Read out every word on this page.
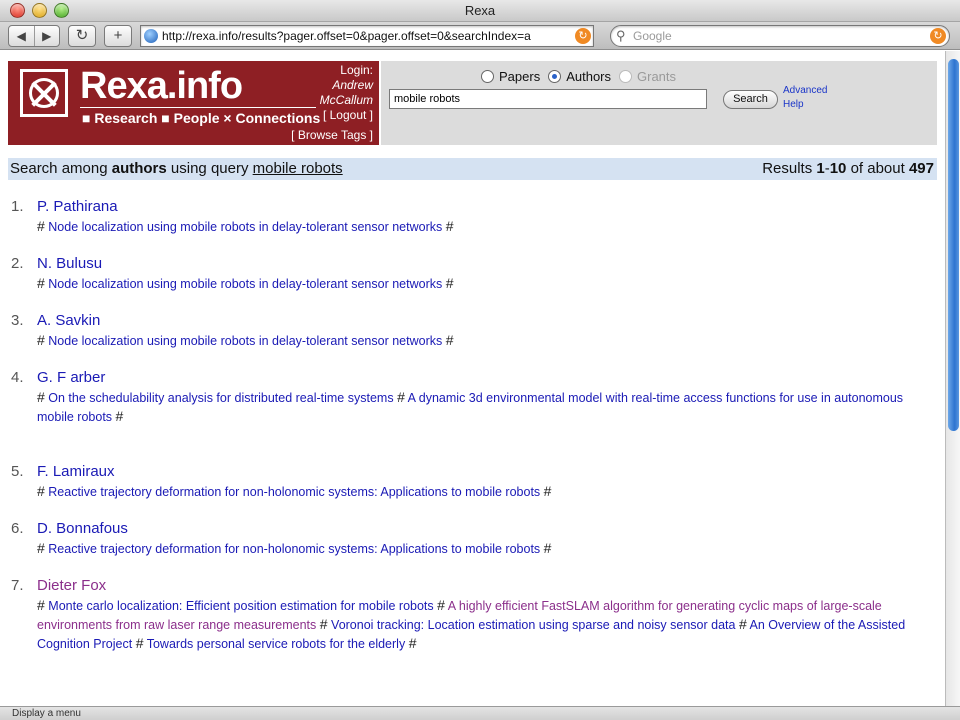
Rexa
◀	▶	↻	+	http://rexa.info/results?pager.offset=0&pager.offset=0&searchIndex=a	↻ ⚲ Google	↻
Rexa.info
■ Research ■ People × Connections
Login:
Andrew
McCallum
[ Logout ]
[ Browse Tags ]
Papers Authors Grants
mobile robots	Search
Advanced
Help
Search among authors using query mobile robots	Results 1-10 of about 497
1. P. Pathirana
# Node localization using mobile robots in delay-tolerant sensor networks #
2. N. Bulusu
# Node localization using mobile robots in delay-tolerant sensor networks #
3. A. Savkin
# Node localization using mobile robots in delay-tolerant sensor networks #
4. G. F arber
# On the schedulability analysis for distributed real-time systems # A dynamic 3d environmental model with real-time access functions for use in autonomous mobile robots #
5. F. Lamiraux
# Reactive trajectory deformation for non-holonomic systems: Applications to mobile robots #
6. D. Bonnafous
# Reactive trajectory deformation for non-holonomic systems: Applications to mobile robots #
7. Dieter Fox
# Monte carlo localization: Efficient position estimation for mobile robots # A highly efficient FastSLAM algorithm for generating cyclic maps of large-scale environments from raw laser range measurements # Voronoi tracking: Location estimation using sparse and noisy sensor data # An Overview of the Assisted Cognition Project # Towards personal service robots for the elderly #
Display a menu
